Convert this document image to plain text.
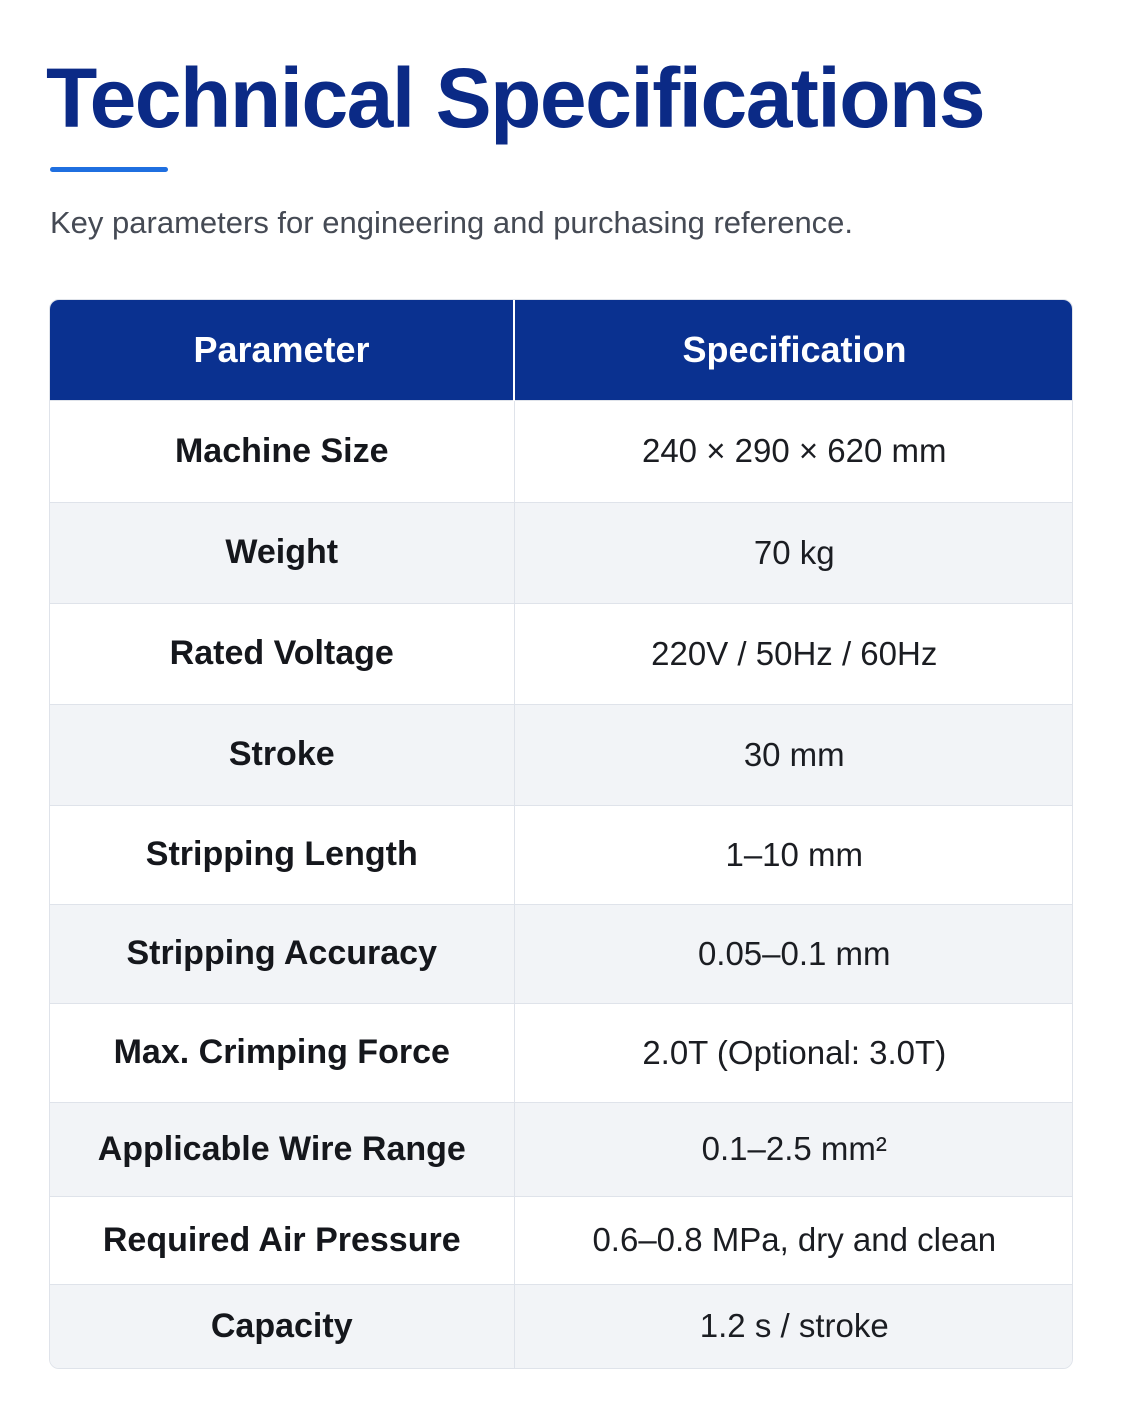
Technical Specifications

Key parameters for engineering and purchasing reference.

Parameter	Specification
Machine Size	240 × 290 × 620 mm
Weight	70 kg
Rated Voltage	220V / 50Hz / 60Hz
Stroke	30 mm
Stripping Length	1–10 mm
Stripping Accuracy	0.05–0.1 mm
Max. Crimping Force	2.0T (Optional: 3.0T)
Applicable Wire Range	0.1–2.5 mm²
Required Air Pressure	0.6–0.8 MPa, dry and clean
Capacity	1.2 s / stroke
